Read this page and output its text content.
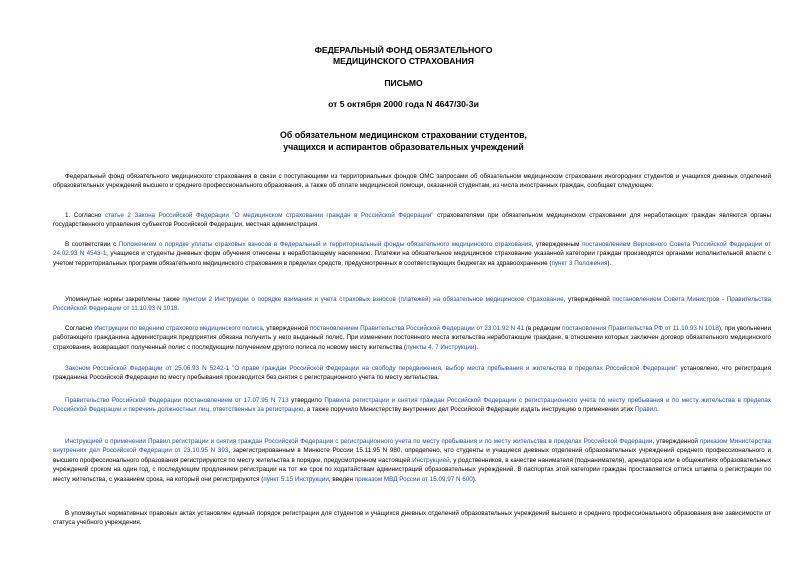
ФЕДЕРАЛЬНЫЙ ФОНД ОБЯЗАТЕЛЬНОГО
МЕДИЦИНСКОГО СТРАХОВАНИЯ
ПИСЬМО
от 5 октября 2000 года N 4647/30-3и
Об обязательном медицинском страховании студентов,
учащихся и аспирантов образовательных учреждений

Федеральный фонд обязательного медицинского страхования в связи с поступающими из территориальных фондов ОМС запросами об обязательном медицинском страховании иногородних студентов и учащихся дневных отделений образовательных учреждений высшего и среднего профессионального образования, а также об оплате медицинской помощи, оказанной студентам, из числа иностранных граждан, сообщает следующее:

1. Согласно статье 2 Закона Российской Федерации "О медицинском страховании граждан в Российской Федерации" страхователями при обязательном медицинском страховании для неработающих граждан являются органы государственного управления субъектов Российской Федерации, местная администрация.

В соответствии с Положением о порядке уплаты страховых взносов в Федеральный и территориальный фонды обязательного медицинского страхования, утвержденным постановлением Верховного Совета Российской Федерации от 24.02.93 N 4543-1, учащиеся и студенты дневных форм обучения отнесены к неработающему населению. Платежи на обязательное медицинское страхование указанной категории граждан производятся органами исполнительной власти с учетом территориальных программ обязательного медицинского страхования в пределах средств, предусмотренных в соответствующих бюджетах на здравоохранение (пункт 3 Положения).

Упомянутые нормы закреплены также пунктом 2 Инструкции о порядке взимания и учета страховых взносов (платежей) на обязательное медицинское страхование, утвержденной постановлением Совета Министров - Правительства Российской Федерации от 11.10.93 N 1018.

Согласно Инструкции по ведению страхового медицинского полиса, утвержденной постановлением Правительства Российской Федерации от 23.01.92 N 41 (в редакции постановления Правительства РФ от 11.10.93 N 1018), при увольнении работающего гражданина администрация предприятия обязана получить у него выданный полис. При изменении постоянного места жительства неработающие граждане, в отношении которых заключен договор обязательного медицинского страхования, возвращают полученный полис с последующим получением другого полиса по новому месту жительства (пункты 4, 7 Инструкции).

Законом Российской Федерации от 25.06.93 N 5242-1 "О праве граждан Российской Федерации на свободу передвижения, выбор места пребывания и жительства в пределах Российской Федерации" установлено, что регистрация гражданина Российской Федерации по месту пребывания производится без снятия с регистрационного учета по месту жительства.

Правительство Российской Федерации постановлением от 17.07.95 N 713 утвердило Правила регистрации и снятия граждан Российской Федерации с регистрационного учета по месту пребывания и по месту жительства в пределах Российской Федерации и перечень должностных лиц, ответственных за регистрацию, а также поручило Министерству внутренних дел Российской Федерации издать инструкцию о применении этих Правил.

Инструкцией о применении Правил регистрации и снятия граждан Российской Федерации с регистрационного учета по месту пребывания и по месту жительства в пределах Российской Федерации, утвержденной приказом Министерства внутренних дел Российской Федерации от 23.10.95 N 393, зарегистрированным в Минюсте России 15.11.95 N 980, определено, что студенты и учащиеся дневных отделений образовательных учреждений среднего профессионального и высшего профессионального образования регистрируются по месту жительства в порядке, предусмотренном настоящей Инструкцией, у родственников, в качестве нанимателя (поднанимателя), арендатора или в общежитиях образовательных учреждений сроком на один год, с последующим продлением регистрации на тот же срок по ходатайствам администраций образовательных учреждений. В паспортах этой категории граждан проставляется оттиск штампа о регистрации по месту жительства, с указанием срока, на который они регистрируются (пункт 5.15 Инструкции, введен приказом МВД России от 15.09.97 N 600).

В упомянутых нормативных правовых актах установлен единый порядок регистрации для студентов и учащихся дневных отделений образовательных учреждений высшего и среднего профессионального образования вне зависимости от статуса учебного учреждения.
